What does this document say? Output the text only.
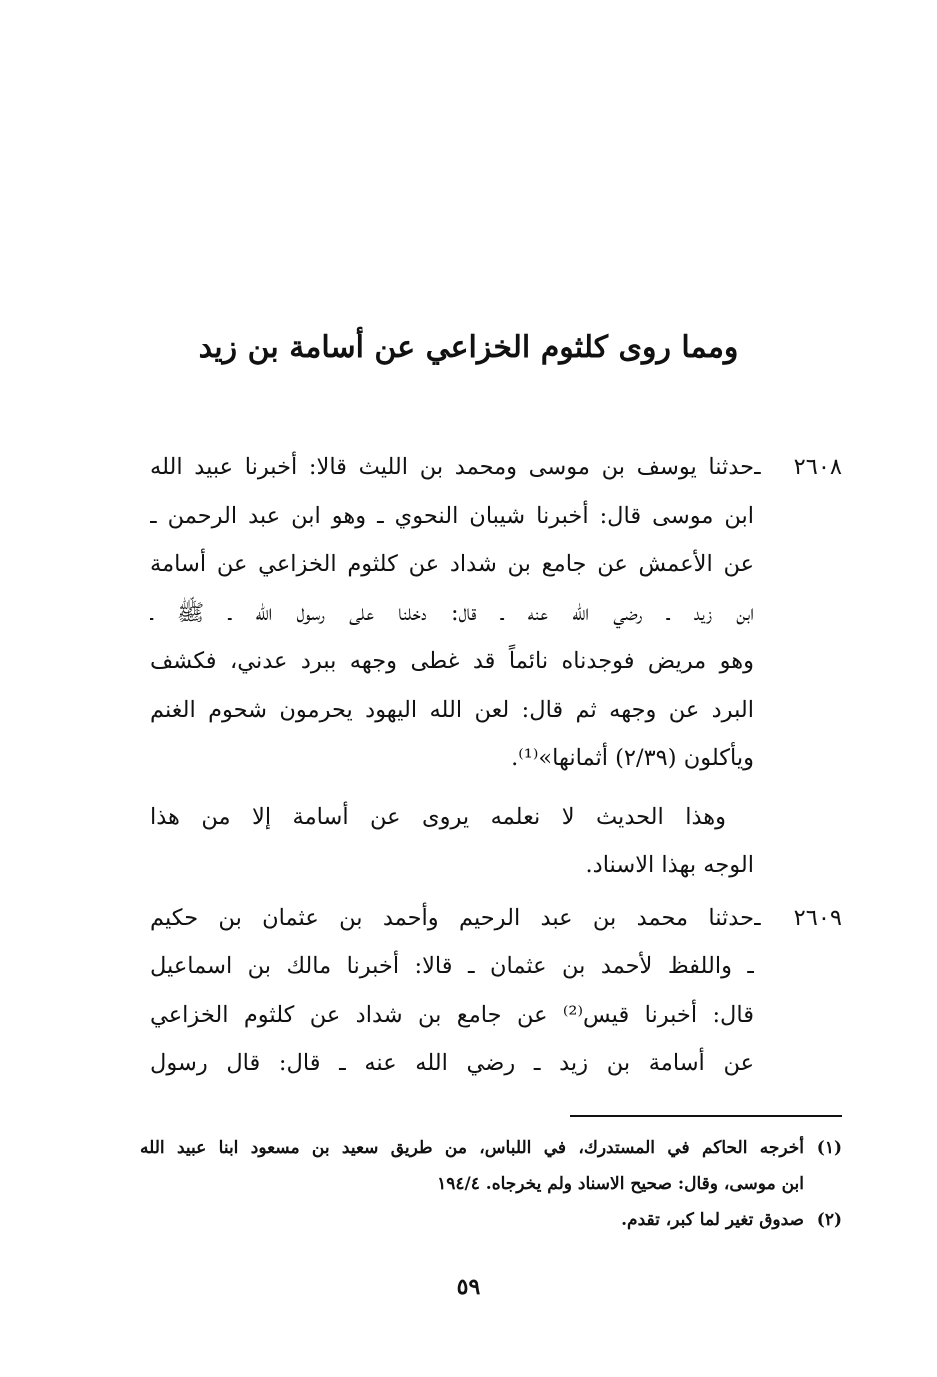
ومما روى كلثوم الخزاعي عن أسامة بن زيد
٢٦٠٨ ـ
حدثنا يوسف بن موسى ومحمد بن الليث قالا: أخبرنا عبيد الله
ابن موسى قال: أخبرنا شيبان النحوي ـ وهو ابن عبد الرحمن ـ
عن الأعمش عن جامع بن شداد عن كلثوم الخزاعي عن أسامة
ابن زيد ـ رضي الله عنه ـ قال: دخلنا على رسول الله ـ ﷺ ـ
وهو مريض فوجدناه نائماً قد غطى وجهه ببرد عدني، فكشف
البرد عن وجهه ثم قال: لعن الله اليهود يحرمون شحوم الغنم
ويأكلون (٢/٣٩) أثمانها»⁽¹⁾.
وهذا الحديث لا نعلمه يروى عن أسامة إلا من هذا
الوجه بهذا الاسناد.
٢٦٠٩ ـ
حدثنا محمد بن عبد الرحيم وأحمد بن عثمان بن حكيم
ـ واللفظ لأحمد بن عثمان ـ قالا: أخبرنا مالك بن اسماعيل
قال: أخبرنا قيس⁽²⁾ عن جامع بن شداد عن كلثوم الخزاعي
عن أسامة بن زيد ـ رضي الله عنه ـ قال: قال رسول
(١)
أخرجه الحاكم في المستدرك، في اللباس، من طريق سعيد بن مسعود ابنا عبيد الله
ابن موسى، وقال: صحيح الاسناد ولم يخرجاه. ١٩٤/٤
(٢)
صدوق تغير لما كبر، تقدم.
٥٩
